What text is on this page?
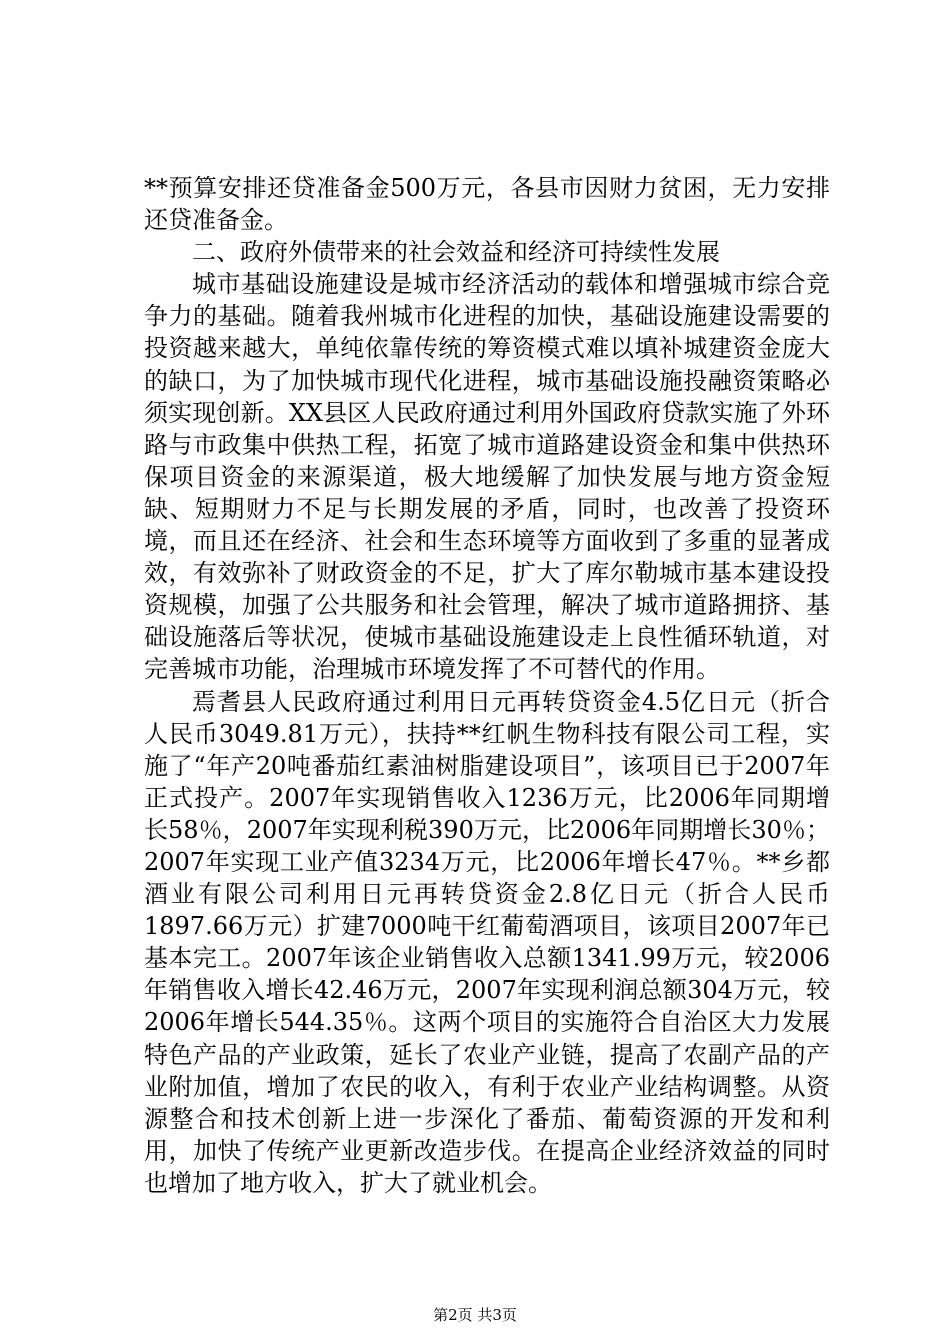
**预算安排还贷准备金500万元，各县市因财力贫困，无力安排还贷准备金。

二、政府外债带来的社会效益和经济可持续性发展

城市基础设施建设是城市经济活动的载体和增强城市综合竞争力的基础。随着我州城市化进程的加快，基础设施建设需要的投资越来越大，单纯依靠传统的筹资模式难以填补城建资金庞大的缺口，为了加快城市现代化进程，城市基础设施投融资策略必须实现创新。XX县区人民政府通过利用外国政府贷款实施了外环路与市政集中供热工程，拓宽了城市道路建设资金和集中供热环保项目资金的来源渠道，极大地缓解了加快发展与地方资金短缺、短期财力不足与长期发展的矛盾，同时，也改善了投资环境，而且还在经济、社会和生态环境等方面收到了多重的显著成效，有效弥补了财政资金的不足，扩大了库尔勒城市基本建设投资规模，加强了公共服务和社会管理，解决了城市道路拥挤、基础设施落后等状况，使城市基础设施建设走上良性循环轨道，对完善城市功能，治理城市环境发挥了不可替代的作用。

焉耆县人民政府通过利用日元再转贷资金4.5亿日元（折合人民币3049.81万元），扶持**红帆生物科技有限公司工程，实施了“年产20吨番茄红素油树脂建设项目”，该项目已于2007年正式投产。2007年实现销售收入1236万元，比2006年同期增长58％，2007年实现利税390万元，比2006年同期增长30％；2007年实现工业产值3234万元，比2006年增长47％。**乡都酒业有限公司利用日元再转贷资金2.8亿日元（折合人民币1897.66万元）扩建7000吨干红葡萄酒项目，该项目2007年已基本完工。2007年该企业销售收入总额1341.99万元，较2006年销售收入增长42.46万元，2007年实现利润总额304万元，较2006年增长544.35％。这两个项目的实施符合自治区大力发展特色产品的产业政策，延长了农业产业链，提高了农副产品的产业附加值，增加了农民的收入，有利于农业产业结构调整。从资源整合和技术创新上进一步深化了番茄、葡萄资源的开发和利用，加快了传统产业更新改造步伐。在提高企业经济效益的同时也增加了地方收入，扩大了就业机会。

第2页 共3页
